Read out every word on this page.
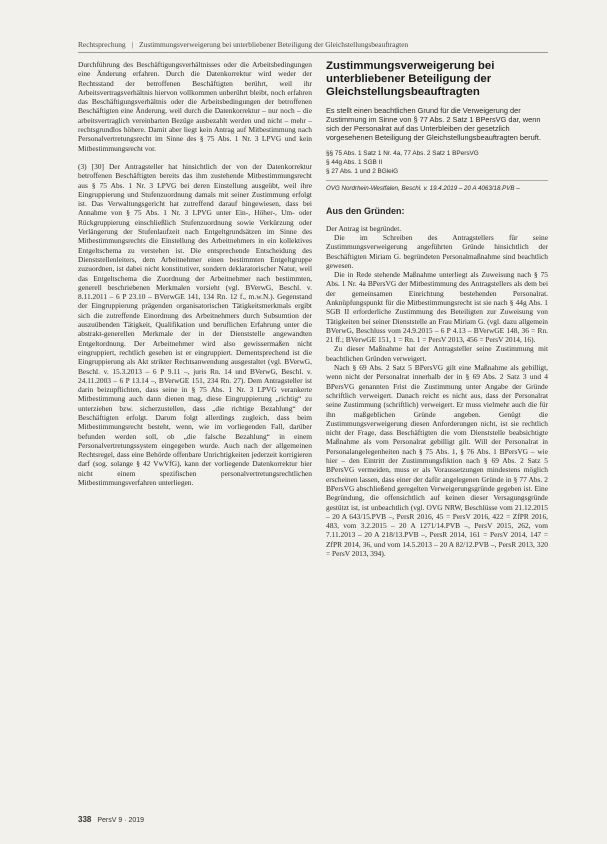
Rechtsprechung | Zustimmungsverweigerung bei unterbliebener Beteiligung der Gleichstellungsbeauftragten

Durchführung des Beschäftigungsverhältnisses oder die Arbeitsbedingungen eine Änderung erfahren. Durch die Datenkorrektur wird weder der Rechtsstand der betroffenen Beschäftigten berührt, weil ihr Arbeitsvertragsverhältnis hiervon vollkommen unberührt bleibt, noch erfahren das Beschäftigungsverhältnis oder die Arbeitsbedingungen der betroffenen Beschäftigten eine Änderung, weil durch die Datenkorrektur – nur noch – die arbeitsvertraglich vereinbarten Bezüge ausbezahlt werden und nicht – mehr – rechtsgrundlos höhere. Damit aber liegt kein Antrag auf Mitbestimmung nach Personalvertretungsrecht im Sinne des § 75 Abs. 1 Nr. 3 LPVG und kein Mitbestimmungsrecht vor.

(3) [30] Der Antragsteller hat hinsichtlich der von der Datenkorrektur betroffenen Beschäftigten bereits das ihm zustehende Mitbestimmungsrecht aus § 75 Abs. 1 Nr. 3 LPVG bei deren Einstellung ausgeübt, weil ihre Eingruppierung und Stufenzuordnung damals mit seiner Zustimmung erfolgt ist. Das Verwaltungsgericht hat zutreffend darauf hingewiesen, dass bei Annahme von § 75 Abs. 1 Nr. 3 LPVG unter Ein-, Höher-, Um- oder Rückgruppierung einschließlich Stufenzuordnung sowie Verkürzung oder Verlängerung der Stufenlaufzeit nach Entgeltgrundsätzen im Sinne des Mitbestimmungsrechts die Einstellung des Arbeitnehmers in ein kollektives Entgeltschema zu verstehen ist. Die entsprechende Entscheidung des Dienststellenleiters, dem Arbeitnehmer einen bestimmten Entgeltgruppe zuzuordnen, ist dabei nicht konstitutiver, sondern deklaratorischer Natur, weil das Entgeltschema die Zuordnung der Arbeitnehmer nach bestimmten, generell beschriebenen Merkmalen vorsieht (vgl. BVerwG, Beschl. v. 8.11.2011 – 6 P 23.10 – BVerwGE 141, 134 Rn. 12 f., m.w.N.). Gegenstand der Eingruppierung prägenden organisatorischen Tätigkeitsmerkmals ergibt sich die zutreffende Einordnung des Arbeitnehmers durch Subsumtion der auszuübenden Tätigkeit, Qualifikation und beruflichen Erfahrung unter die abstrakt-generellen Merkmale der in der Dienststelle angewandten Entgeltordnung. Der Arbeitnehmer wird also gewissermaßen nicht eingruppiert, rechtlich gesehen ist er eingruppiert. Dementsprechend ist die Eingruppierung als Akt strikter Rechtsanwendung ausgestaltet (vgl. BVerwG, Beschl. v. 15.3.2013 – 6 P 9.11 –, juris Rn. 14 und BVerwG, Beschl. v. 24.11.2003 – 6 P 13.14 –, BVerwGE 151, 234 Rn. 27). Dem Antragsteller ist darin beizupflichten, dass seine in § 75 Abs. 1 Nr. 3 LPVG verankerte Mitbestimmung auch dann dienen mag, diese Eingruppierung „richtig“ zu unterziehen bzw. sicherzustellen, dass „die richtige Bezahlung“ der Beschäftigten erfolgt. Darum folgt allerdings zugleich, dass beim Mitbestimmungsrecht besteht, wenn, wie im vorliegenden Fall, darüber befunden werden soll, ob „die falsche Bezahlung“ in einem Personalvertretungssystem eingegeben wurde. Auch nach der allgemeinen Rechtsregel, dass eine Behörde offenbare Unrichtigkeiten jederzeit korrigieren darf (sog. solange § 42 VwVfG), kann der vorliegende Datenkorrektur hier nicht einem spezifischen personalvertretungsrechtlichen Mitbestimmungsverfahren unterliegen.

Zustimmungsverweigerung bei unterbliebener Beteiligung der Gleichstellungsbeauftragten
Es stellt einen beachtlichen Grund für die Verweigerung der Zustimmung im Sinne von § 77 Abs. 2 Satz 1 BPersVG dar, wenn sich der Personalrat auf das Unterbleiben der gesetzlich vorgesehenen Beteiligung der Gleichstellungsbeauftragten beruft.
§§ 75 Abs. 1 Satz 1 Nr. 4a, 77 Abs. 2 Satz 1 BPersVG
§ 44g Abs. 1 SGB II
§ 27 Abs. 1 und 2 BGleiG
OVG Nordrhein-Westfalen, Beschl. v. 19.4.2019 – 20 A 4063/18.PVB –
Aus den Gründen:

Der Antrag ist begründet.

Die im Schreiben des Antragstellers für seine Zustimmungsverweigerung angeführten Gründe hinsichtlich der Beschäftigten Miriam G. begründeten Personalmaßnahme sind beachtlich gewesen.

Die in Rede stehende Maßnahme unterliegt als Zuweisung nach § 75 Abs. 1 Nr. 4a BPersVG der Mitbestimmung des Antragstellers als dem bei der gemeinsamen Einrichtung bestehenden Personalrat. Anknüpfungspunkt für die Mitbestimmungsrecht ist sie nach § 44g Abs. 1 SGB II erforderliche Zustimmung des Beteiligten zur Zuweisung von Tätigkeiten bei seiner Dienststelle an Frau Miriam G. (vgl. dazu allgemein BVerwG, Beschluss vom 24.9.2015 – 6 P 4.13 – BVerwGE 148, 36 = Rn. 21 ff.; BVerwGE 151, 1 = Rn. 1 = PersV 2013, 456 = PersV 2014, 16).

Zu dieser Maßnahme hat der Antragsteller seine Zustimmung mit beachtlichen Gründen verweigert.

Nach § 69 Abs. 2 Satz 5 BPersVG gilt eine Maßnahme als gebilligt, wenn nicht der Personalrat innerhalb der in § 69 Abs. 2 Satz 3 und 4 BPersVG genannten Frist die Zustimmung unter Angabe der Gründe schriftlich verweigert. Danach reicht es nicht aus, dass der Personalrat seine Zustimmung (schriftlich) verweigert. Er muss vielmehr auch die für ihn maßgeblichen Gründe angeben. Genügt die Zustimmungsverweigerung diesen Anforderungen nicht, ist sie rechtlich nicht der Frage, dass Beschäftigten die vom Dienststelle beabsichtigte Maßnahme als vom Personalrat gebilligt gilt. Will der Personalrat in Personalangelegenheiten nach § 75 Abs. 1, § 76 Abs. 1 BPersVG – wie hier – den Eintritt der Zustimmungsfiktion nach § 69 Abs. 2 Satz 5 BPersVG vermeiden, muss er als Voraussetzungen mindestens möglich erscheinen lassen, dass einer der dafür angelegenen Gründe in § 77 Abs. 2 BPersVG abschließend geregelten Verweigerungsgründe gegeben ist. Eine Begründung, die offensichtlich auf keinen dieser Versagungsgründe gestützt ist, ist unbeachtlich (vgl. OVG NRW, Beschlüsse vom 21.12.2015 – 20 A 643/15.PVB –, PersR 2016, 45 = PersV 2016, 422 = ZfPR 2016, 483, vom 3.2.2015 – 20 A 1271/14.PVB –, PersV 2015, 262, vom 7.11.2013 – 20 A 218/13.PVB –, PersR 2014, 161 = PersV 2014, 147 = ZfPR 2014, 36, und vom 14.5.2013 – 20 A 82/12.PVB –, PersR 2013, 320 = PersV 2013, 394).

338 PersV 9 · 2019
